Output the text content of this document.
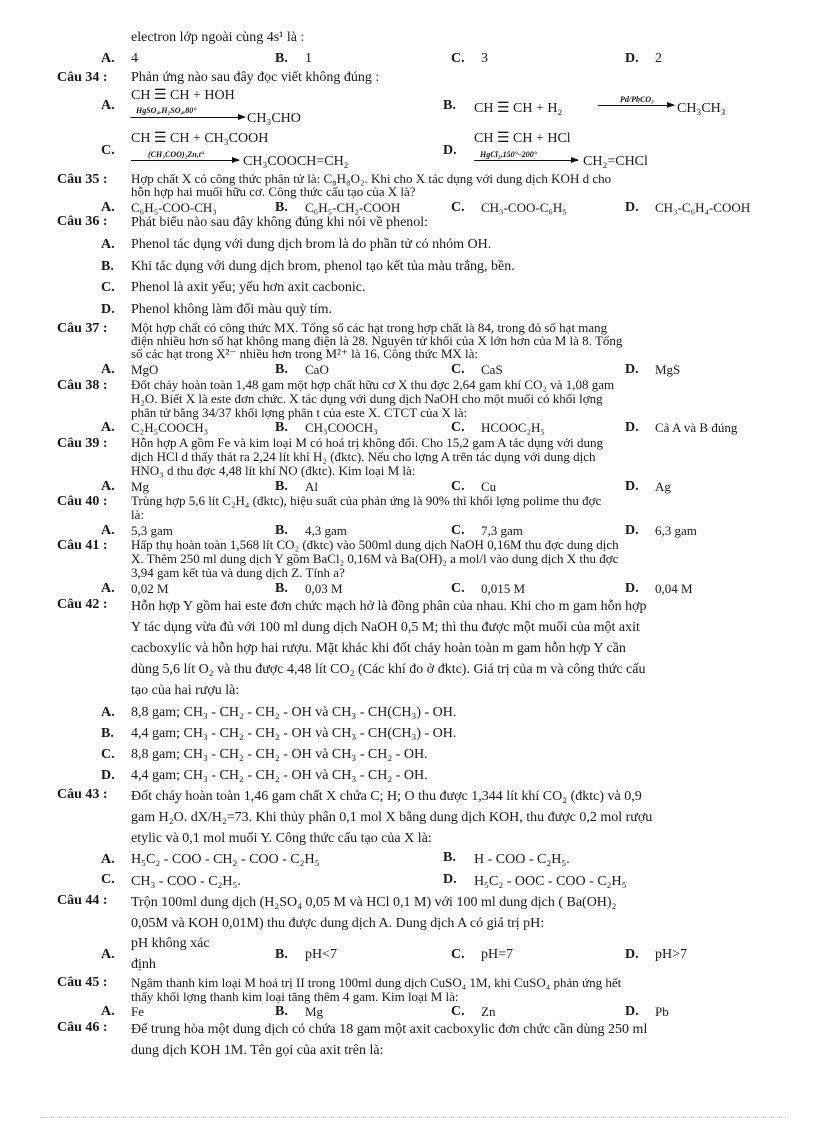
electron lớp ngoài cùng 4s¹ là :
A. 4	B. 1	C. 3	D. 2
Câu 34 : Phản ứng nào sau đây đọc viết không đúng :
A.
CH ☰ CH + HOH
HgSO₄,H₂SO₄,80°
CH₃CHO
B. CH ☰ CH + H₂
Pd/PbCO₃
CH₃CH₃
C.
CH ☰ CH + CH₃COOH
(CH₃COO)₂Zn,t°	CH₃COOCH=CH₂
D.
CH ☰ CH + HCl
HgCl₂,150°–200°	CH₂=CHCl
Câu 35 : Hợp chất X có công thức phân tử là: C₈H₈O₂. Khi cho X tác dụng với dung dịch KOH d cho
hỗn hợp hai muối hữu cơ. Công thức cấu tạo của X là?
A. C₆H₅-COO-CH₃	B. C₆H₅-CH₂-COOH	C. CH₃-COO-C₆H₅	D. CH₃-C₆H₄-COOH
Câu 36 : Phát biểu nào sau đây không đúng khi nói về phenol:
A. Phenol tác dụng với dung dịch brom là do phần tử có nhóm OH.
B. Khi tác dụng với dung dịch brom, phenol tạo kết tủa màu trắng, bền.
C. Phenol là axit yếu; yếu hơn axit cacbonic.
D. Phenol không làm đổi màu quỳ tím.
Câu 37 : Một hợp chất có công thức MX. Tổng số các hạt trong hợp chất là 84, trong đó số hạt mang
điện nhiều hơn số hạt không mang điện là 28. Nguyên tử khối của X lớn hơn của M là 8. Tổng
số các hạt trong X²⁻ nhiều hơn trong M²⁺ là 16. Công thức MX là:
A. MgO	B. CaO	C. CaS	D. MgS
Câu 38 : Đốt cháy hoàn toàn 1,48 gam một hợp chất hữu cơ X thu đợc 2,64 gam khí CO₂ và 1,08 gam
H₂O. Biết X là este đơn chức. X tác dụng với dung dịch NaOH cho một muối có khối lợng
phân tử bằng 34/37 khối lợng phân t của este X. CTCT của X là:
A. C₂H₅COOCH₃	B. CH₃COOCH₃	C. HCOOC₂H₅	D. Cả A và B đúng
Câu 39 : Hỗn hợp A gồm Fe và kim loại M có hoá trị không đổi. Cho 15,2 gam A tác dụng với dung
dịch HCl d thấy thát ra 2,24 lít khí H₂ (đktc). Nếu cho lợng A trên tác dụng với dung dịch
HNO₃ d thu đợc 4,48 lít khí NO (đktc). Kim loại M là:
A. Mg	B. Al	C. Cu	D. Ag
Câu 40 : Trùng hợp 5,6 lít C₂H₄ (đktc), hiệu suất của phản ứng là 90% thì khối lợng polime thu đợc
là:
A. 5,3 gam	B. 4,3 gam	C. 7,3 gam	D. 6,3 gam
Câu 41 : Hấp thụ hoàn toàn 1,568 lít CO₂ (đktc) vào 500ml dung dịch NaOH 0,16M thu đợc dung dịch
X. Thêm 250 ml dung dịch Y gồm BaCl₂ 0,16M và Ba(OH)₂ a mol/l vào dung dịch X thu đợc
3,94 gam kết tủa và dung dịch Z. Tính a?
A. 0,02 M	B. 0,03 M	C. 0,015 M	D. 0,04 M
Câu 42 : Hỗn hợp Y gồm hai este đơn chức mạch hở là đồng phân của nhau. Khi cho m gam hỗn hợp
Y tác dụng vừa đủ với 100 ml dung dịch NaOH 0,5 M; thì thu được một muối của một axit
cacboxylic và hỗn hợp hai rượu. Mặt khác khi đốt cháy hoàn toàn m gam hỗn hợp Y cần
dùng 5,6 lít O₂ và thu được 4,48 lít CO₂ (Các khí đo ở đktc). Giá trị của m và công thức cấu
tạo của hai rượu là:
A. 8,8 gam; CH₃ - CH₂ - CH₂ - OH và CH₃ - CH(CH₃) - OH.
B. 4,4 gam; CH₃ - CH₂ - CH₂ - OH và CH₃ - CH(CH₃) - OH.
C. 8,8 gam; CH₃ - CH₂ - CH₂ - OH và CH₃ - CH₂ - OH.
D. 4,4 gam; CH₃ - CH₂ - CH₂ - OH và CH₃ - CH₂ - OH.
Câu 43 : Đốt cháy hoàn toàn 1,46 gam chất X chứa C; H; O thu được 1,344 lít khí CO₂ (đktc) và 0,9
gam H₂O. dX/H₂=73. Khi thủy phân 0,1 mol X bằng dung dịch KOH, thu được 0,2 mol rượu
etylic và 0,1 mol muối Y. Công thức cấu tạo của X là:
A. H₅C₂ - COO - CH₂ - COO - C₂H₅	B. H - COO - C₂H₅.
C. CH₃ - COO - C₂H₅.	D. H₅C₂ - OOC - COO - C₂H₅
Câu 44 : Trộn 100ml dung dịch (H₂SO₄ 0,05 M và HCl 0,1 M) với 100 ml dung dịch ( Ba(OH)₂
0,05M và KOH 0,01M) thu được dung dịch A. Dung dịch A có giá trị pH:
A.
pH không xác
định
B. pH<7	C. pH=7	D. pH>7
Câu 45 : Ngâm thanh kim loại M hoá trị II trong 100ml dung dịch CuSO₄ 1M, khi CuSO₄ phản ứng hết
thấy khối lợng thanh kim loại tăng thêm 4 gam. Kim loại M là:
A. Fe	B. Mg	C. Zn	D. Pb
Câu 46 : Để trung hòa một dung dịch có chứa 18 gam một axit cacboxylic đơn chức cần dùng 250 ml
dung dịch KOH 1M. Tên gọi của axit trên là:
